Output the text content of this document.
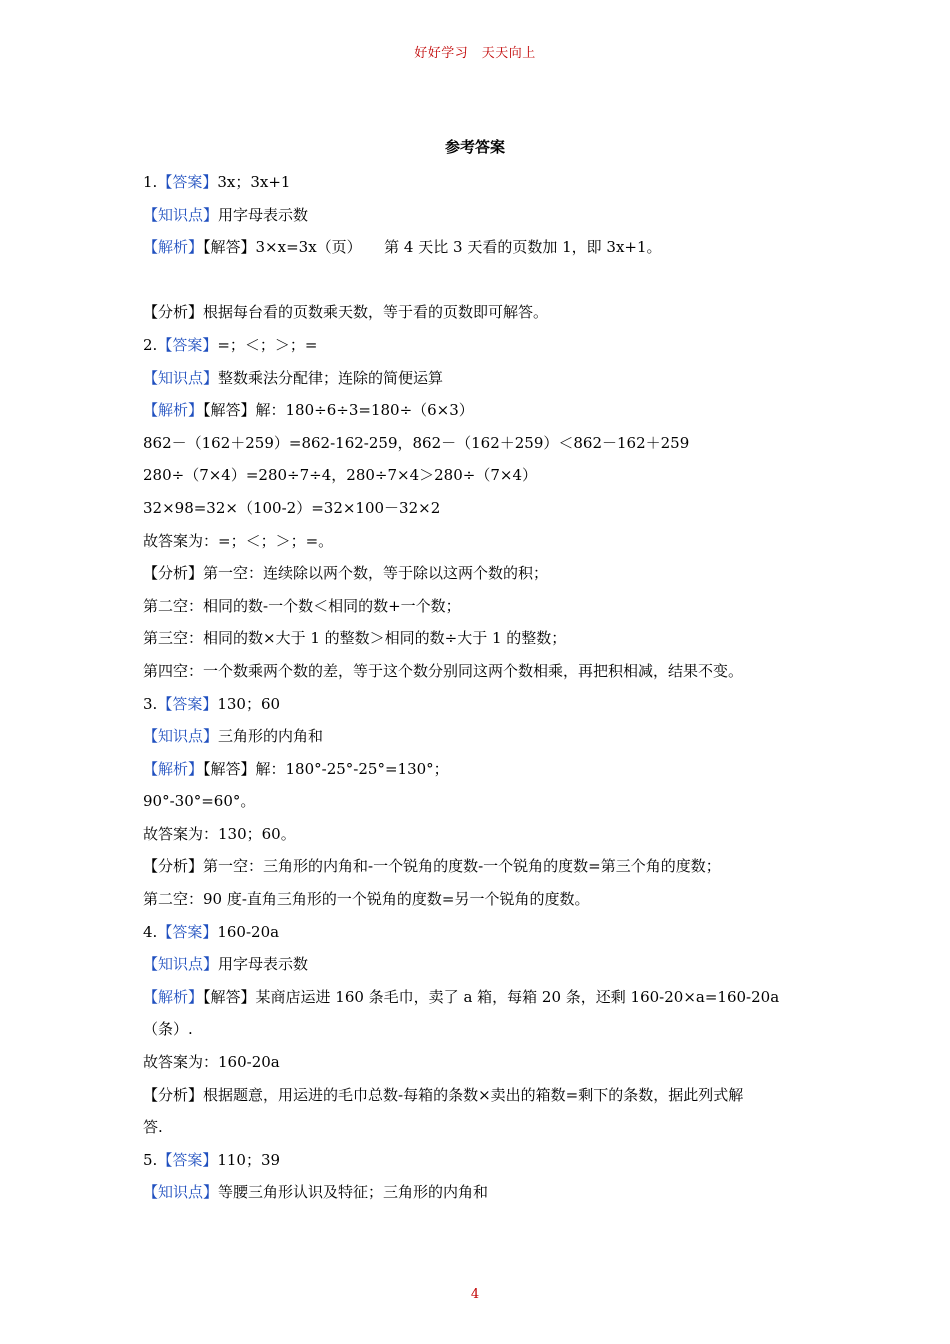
好好学习　天天向上
参考答案
1.【答案】3x；3x+1
【知识点】用字母表示数
【解析】【解答】3×x=3x（页）　　第 4 天比 3 天看的页数加 1，即 3x+1。
【分析】根据每台看的页数乘天数，等于看的页数即可解答。
2.【答案】=；＜；＞；=
【知识点】整数乘法分配律；连除的简便运算
【解析】【解答】解：180÷6÷3=180÷（6×3）
862－（162＋259）=862-162-259，862－（162＋259）＜862－162＋259
280÷（7×4）=280÷7÷4，280÷7×4＞280÷（7×4）
32×98=32×（100-2）=32×100－32×2
故答案为：=；＜；＞；=。
【分析】第一空：连续除以两个数，等于除以这两个数的积；
第二空：相同的数-一个数＜相同的数+一个数；
第三空：相同的数×大于 1 的整数＞相同的数÷大于 1 的整数；
第四空：一个数乘两个数的差，等于这个数分别同这两个数相乘，再把积相减，结果不变。
3.【答案】130；60
【知识点】三角形的内角和
【解析】【解答】解：180°-25°-25°=130°；
90°-30°=60°。
故答案为：130；60。
【分析】第一空：三角形的内角和-一个锐角的度数-一个锐角的度数=第三个角的度数；
第二空：90 度-直角三角形的一个锐角的度数=另一个锐角的度数。
4.【答案】160-20a
【知识点】用字母表示数
【解析】【解答】某商店运进 160 条毛巾，卖了 a 箱，每箱 20 条，还剩 160-20×a=160-20a
（条）.
故答案为：160-20a
【分析】根据题意，用运进的毛巾总数-每箱的条数×卖出的箱数=剩下的条数，据此列式解
答.
5.【答案】110；39
【知识点】等腰三角形认识及特征；三角形的内角和
4
